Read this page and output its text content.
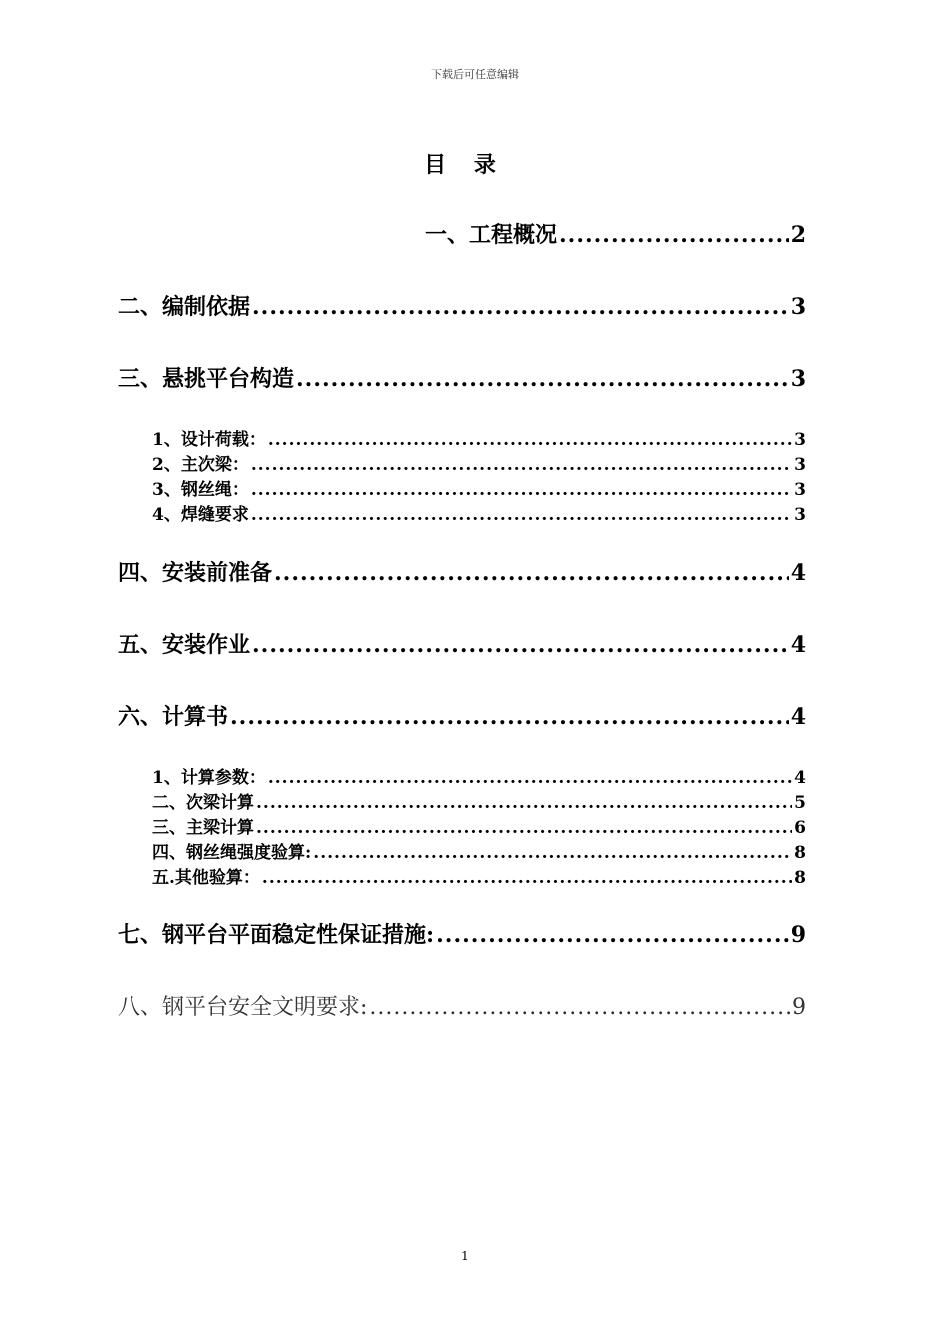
下载后可任意编辑
目 录
一、工程概况 .....	2
二、编制依据 .....	3
三、悬挑平台构造 .....	3
1、设计荷载： .....	3
2、主次梁： .....	3
3、钢丝绳： .....	3
4、焊缝要求 .....	3
四、安装前准备 .....	4
五、安装作业 .....	4
六、计算书 .....	4
1、计算参数： .....	4
二、次梁计算 .....	5
三、主梁计算 .....	6
四、钢丝绳强度验算: .....	8
五.其他验算： .....	8
七、钢平台平面稳定性保证措施: .....	9
八、钢平台安全文明要求: .....	9
1
